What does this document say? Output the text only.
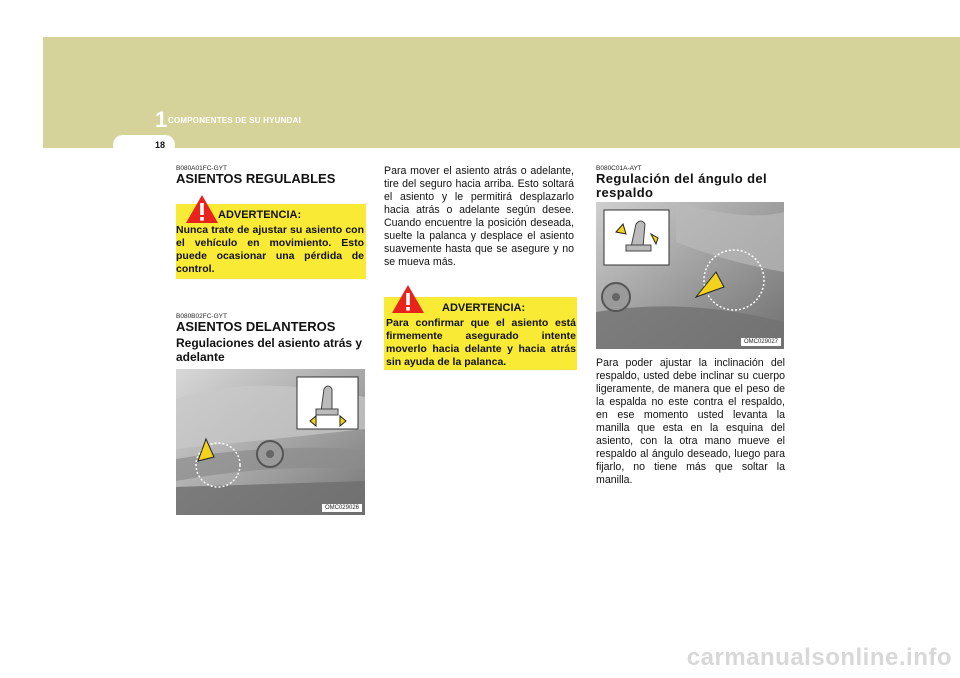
1 COMPONENTES DE SU HYUNDAI
18
B080A01FC-GYT
ASIENTOS REGULABLES
ADVERTENCIA:
Nunca trate de ajustar su asiento con el vehículo en movimiento. Esto puede ocasionar una pérdida de control.
B080B02FC-GYT
ASIENTOS DELANTEROS
Regulaciones del asiento atrás y adelante
OMC029026
Para mover el asiento atrás o adelante, tire del seguro hacia arriba. Esto soltará el asiento y le permitirá desplazarlo hacia atrás o adelante según desee. Cuando encuentre la posición deseada, suelte la palanca y desplace el asiento suavemente hasta que se asegure y no se mueva más.
ADVERTENCIA:
Para confirmar que el asiento está firmemente asegurado intente moverlo hacia delante y hacia atrás sin ayuda de la palanca.
B080C01A-AYT
Regulación del ángulo del respaldo
OMC029027
Para poder ajustar la inclinación del respaldo, usted debe inclinar su cuerpo ligeramente, de manera que el peso de la espalda no este contra el respaldo, en ese momento usted levanta la manilla que esta en la esquina del asiento, con la otra mano mueve el respaldo al ángulo deseado, luego para fijarlo, no tiene más que soltar la manilla.
carmanualsonline.info
